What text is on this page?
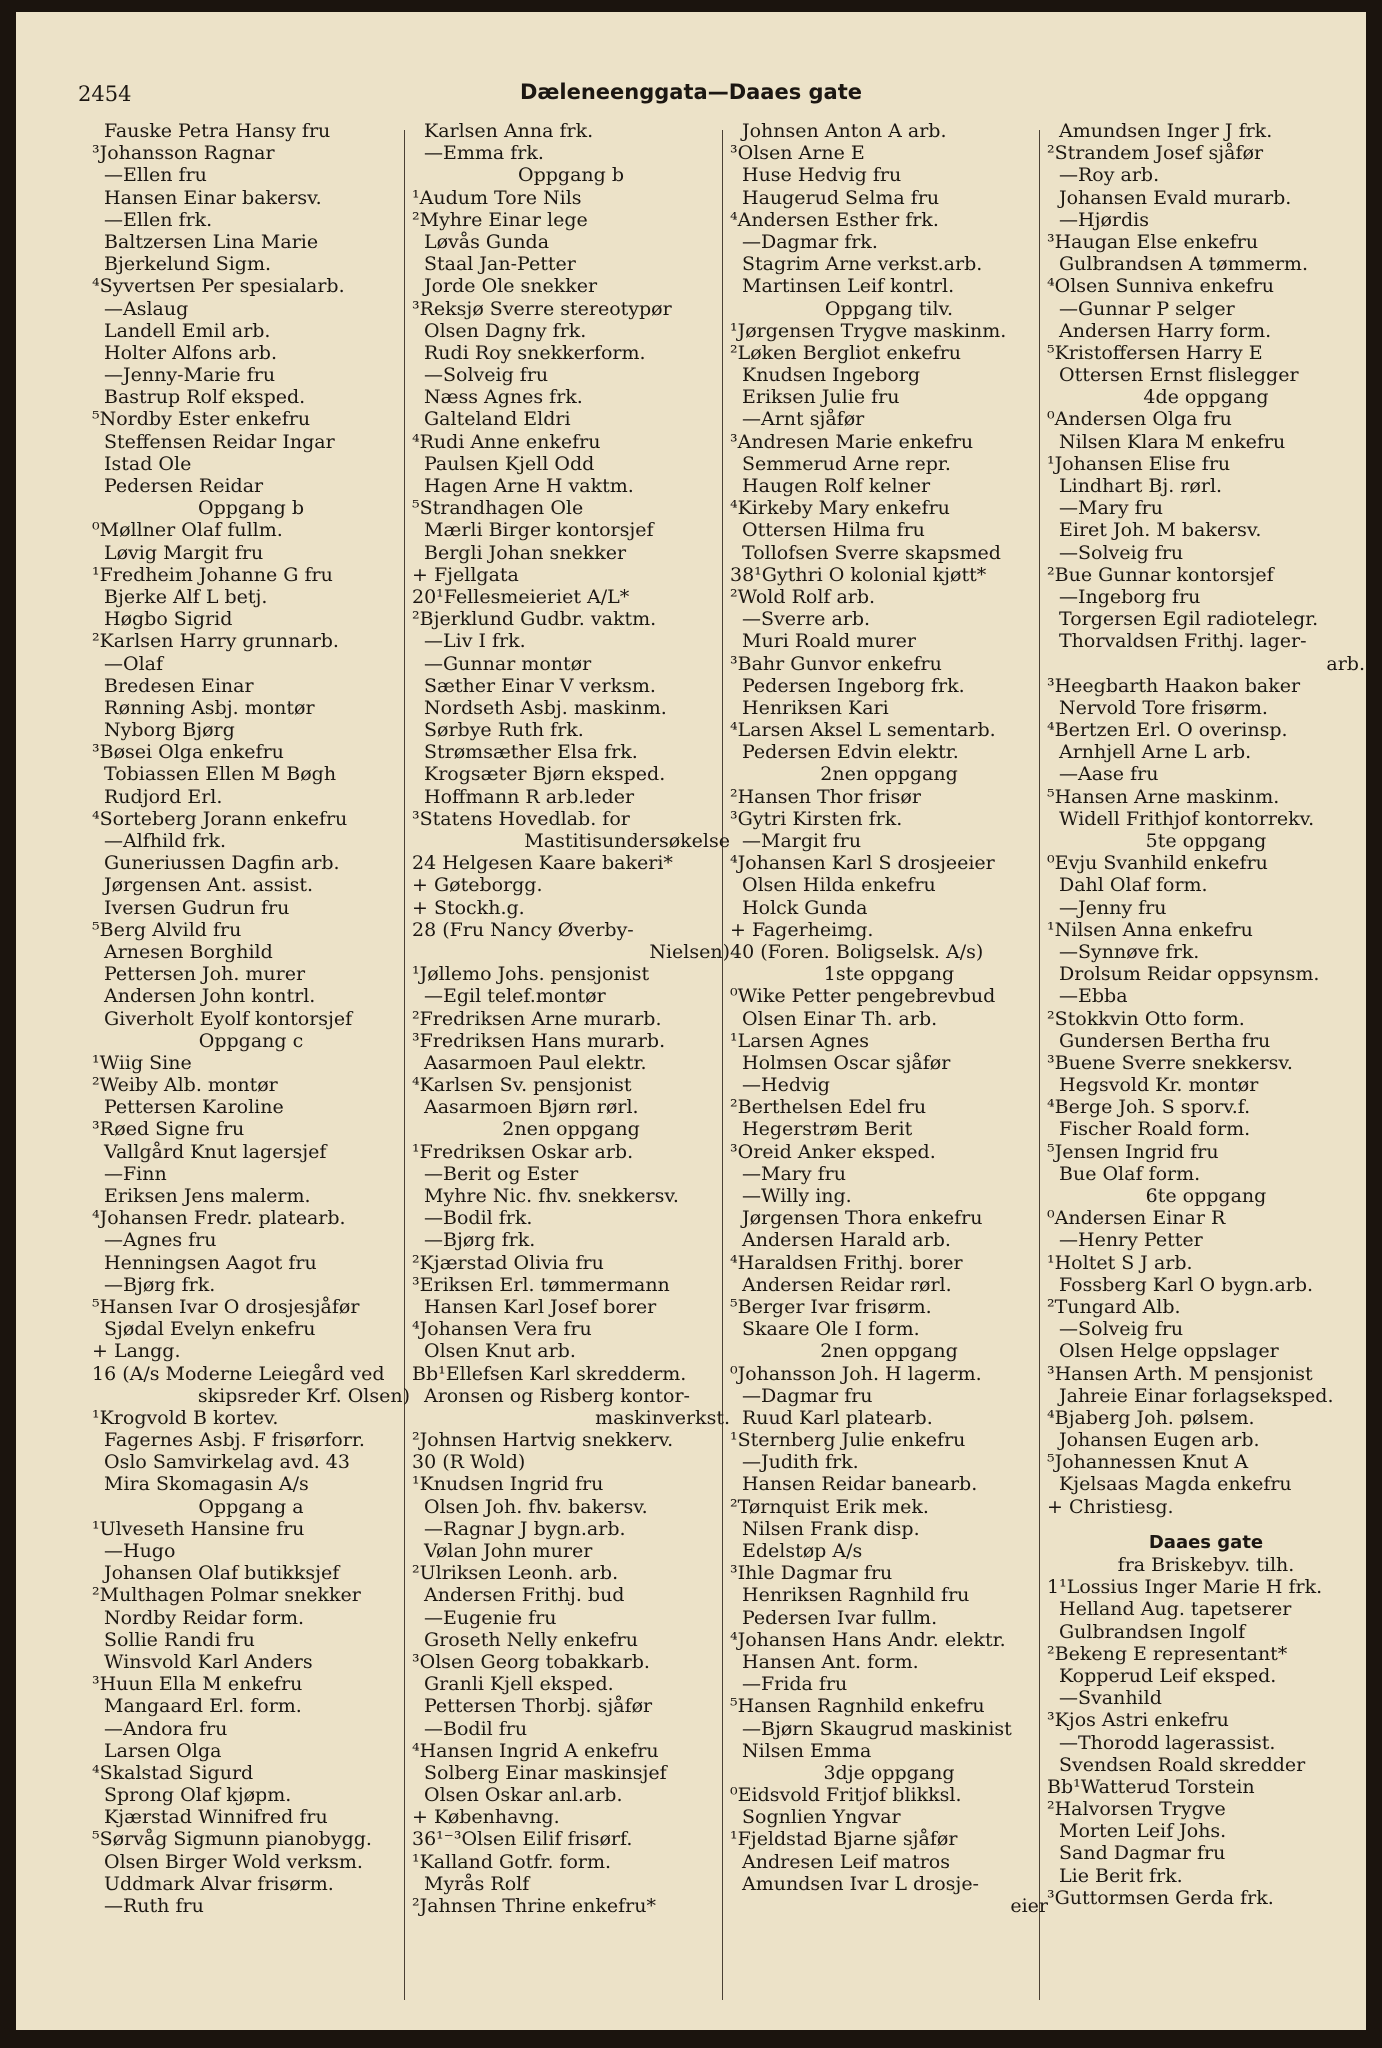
2454	Dæleneenggata—Daaes gate
Fauske Petra Hansy fru
³Johansson Ragnar
—Ellen fru
Hansen Einar bakersv.
—Ellen frk.
Baltzersen Lina Marie
Bjerkelund Sigm.
⁴Syvertsen Per spesialarb.
—Aslaug
Landell Emil arb.
Holter Alfons arb.
—Jenny-Marie fru
Bastrup Rolf eksped.
⁵Nordby Ester enkefru
Steffensen Reidar Ingar
Istad Ole
Pedersen Reidar
Oppgang b
⁰Møllner Olaf fullm.
Løvig Margit fru
¹Fredheim Johanne G fru
Bjerke Alf L betj.
Høgbo Sigrid
²Karlsen Harry grunnarb.
—Olaf
Bredesen Einar
Rønning Asbj. montør
Nyborg Bjørg
³Bøsei Olga enkefru
Tobiassen Ellen M Bøgh
Rudjord Erl.
⁴Sorteberg Jorann enkefru
—Alfhild frk.
Guneriussen Dagfin arb.
Jørgensen Ant. assist.
Iversen Gudrun fru
⁵Berg Alvild fru
Arnesen Borghild
Pettersen Joh. murer
Andersen John kontrl.
Giverholt Eyolf kontorsjef
Oppgang c
¹Wiig Sine
²Weiby Alb. montør
Pettersen Karoline
³Røed Signe fru
Vallgård Knut lagersjef
—Finn
Eriksen Jens malerm.
⁴Johansen Fredr. platearb.
—Agnes fru
Henningsen Aagot fru
—Bjørg frk.
⁵Hansen Ivar O drosjesjåfør
Sjødal Evelyn enkefru
+ Langg.
16 (A/s Moderne Leiegård ved
skipsreder Krf. Olsen)
¹Krogvold B kortev.
Fagernes Asbj. F frisørforr.
Oslo Samvirkelag avd. 43
Mira Skomagasin A/s
Oppgang a
¹Ulveseth Hansine fru
—Hugo
Johansen Olaf butikksjef
²Multhagen Polmar snekker
Nordby Reidar form.
Sollie Randi fru
Winsvold Karl Anders
³Huun Ella M enkefru
Mangaard Erl. form.
—Andora fru
Larsen Olga
⁴Skalstad Sigurd
Sprong Olaf kjøpm.
Kjærstad Winnifred fru
⁵Sørvåg Sigmunn pianobygg.
Olsen Birger Wold verksm.
Uddmark Alvar frisørm.
—Ruth fru
Karlsen Anna frk.
—Emma frk.
Oppgang b
¹Audum Tore Nils
²Myhre Einar lege
Løvås Gunda
Staal Jan-Petter
Jorde Ole snekker
³Reksjø Sverre stereotypør
Olsen Dagny frk.
Rudi Roy snekkerform.
—Solveig fru
Næss Agnes frk.
Galteland Eldri
⁴Rudi Anne enkefru
Paulsen Kjell Odd
Hagen Arne H vaktm.
⁵Strandhagen Ole
Mærli Birger kontorsjef
Bergli Johan snekker
+ Fjellgata
20¹Fellesmeieriet A/L*
²Bjerklund Gudbr. vaktm.
—Liv I frk.
—Gunnar montør
Sæther Einar V verksm.
Nordseth Asbj. maskinm.
Sørbye Ruth frk.
Strømsæther Elsa frk.
Krogsæter Bjørn eksped.
Hoffmann R arb.leder
³Statens Hovedlab. for
Mastitisundersøkelse
24 Helgesen Kaare bakeri*
+ Gøteborgg.
+ Stockh.g.
28 (Fru Nancy Øverby-
Nielsen)
¹Jøllemo Johs. pensjonist
—Egil telef.montør
²Fredriksen Arne murarb.
³Fredriksen Hans murarb.
Aasarmoen Paul elektr.
⁴Karlsen Sv. pensjonist
Aasarmoen Bjørn rørl.
2nen oppgang
¹Fredriksen Oskar arb.
—Berit og Ester
Myhre Nic. fhv. snekkersv.
—Bodil frk.
—Bjørg frk.
²Kjærstad Olivia fru
³Eriksen Erl. tømmermann
Hansen Karl Josef borer
⁴Johansen Vera fru
Olsen Knut arb.
Bb¹Ellefsen Karl skredderm.
Aronsen og Risberg kontor-
maskinverkst.
²Johnsen Hartvig snekkerv.
30 (R Wold)
¹Knudsen Ingrid fru
Olsen Joh. fhv. bakersv.
—Ragnar J bygn.arb.
Vølan John murer
²Ulriksen Leonh. arb.
Andersen Frithj. bud
—Eugenie fru
Groseth Nelly enkefru
³Olsen Georg tobakkarb.
Granli Kjell eksped.
Pettersen Thorbj. sjåfør
—Bodil fru
⁴Hansen Ingrid A enkefru
Solberg Einar maskinsjef
Olsen Oskar anl.arb.
+ Københavng.
36¹⁻³Olsen Eilif frisørf.
¹Kalland Gotfr. form.
Myrås Rolf
²Jahnsen Thrine enkefru*
Johnsen Anton A arb.
³Olsen Arne E
Huse Hedvig fru
Haugerud Selma fru
⁴Andersen Esther frk.
—Dagmar frk.
Stagrim Arne verkst.arb.
Martinsen Leif kontrl.
Oppgang tilv.
¹Jørgensen Trygve maskinm.
²Løken Bergliot enkefru
Knudsen Ingeborg
Eriksen Julie fru
—Arnt sjåfør
³Andresen Marie enkefru
Semmerud Arne repr.
Haugen Rolf kelner
⁴Kirkeby Mary enkefru
Ottersen Hilma fru
Tollofsen Sverre skapsmed
38¹Gythri O kolonial kjøtt*
²Wold Rolf arb.
—Sverre arb.
Muri Roald murer
³Bahr Gunvor enkefru
Pedersen Ingeborg frk.
Henriksen Kari
⁴Larsen Aksel L sementarb.
Pedersen Edvin elektr.
2nen oppgang
²Hansen Thor frisør
³Gytri Kirsten frk.
—Margit fru
⁴Johansen Karl S drosjeeier
Olsen Hilda enkefru
Holck Gunda
+ Fagerheimg.
40 (Foren. Boligselsk. A/s)
1ste oppgang
⁰Wike Petter pengebrevbud
Olsen Einar Th. arb.
¹Larsen Agnes
Holmsen Oscar sjåfør
—Hedvig
²Berthelsen Edel fru
Hegerstrøm Berit
³Oreid Anker eksped.
—Mary fru
—Willy ing.
Jørgensen Thora enkefru
Andersen Harald arb.
⁴Haraldsen Frithj. borer
Andersen Reidar rørl.
⁵Berger Ivar frisørm.
Skaare Ole I form.
2nen oppgang
⁰Johansson Joh. H lagerm.
—Dagmar fru
Ruud Karl platearb.
¹Sternberg Julie enkefru
—Judith frk.
Hansen Reidar banearb.
²Tørnquist Erik mek.
Nilsen Frank disp.
Edelstøp A/s
³Ihle Dagmar fru
Henriksen Ragnhild fru
Pedersen Ivar fullm.
⁴Johansen Hans Andr. elektr.
Hansen Ant. form.
—Frida fru
⁵Hansen Ragnhild enkefru
—Bjørn Skaugrud maskinist
Nilsen Emma
3dje oppgang
⁰Eidsvold Fritjof blikksl.
Sognlien Yngvar
¹Fjeldstad Bjarne sjåfør
Andresen Leif matros
Amundsen Ivar L drosje-
eier
Amundsen Inger J frk.
²Strandem Josef sjåfør
—Roy arb.
Johansen Evald murarb.
—Hjørdis
³Haugan Else enkefru
Gulbrandsen A tømmerm.
⁴Olsen Sunniva enkefru
—Gunnar P selger
Andersen Harry form.
⁵Kristoffersen Harry E
Ottersen Ernst flislegger
4de oppgang
⁰Andersen Olga fru
Nilsen Klara M enkefru
¹Johansen Elise fru
Lindhart Bj. rørl.
—Mary fru
Eiret Joh. M bakersv.
—Solveig fru
²Bue Gunnar kontorsjef
—Ingeborg fru
Torgersen Egil radiotelegr.
Thorvaldsen Frithj. lager-
arb.
³Heegbarth Haakon baker
Nervold Tore frisørm.
⁴Bertzen Erl. O overinsp.
Arnhjell Arne L arb.
—Aase fru
⁵Hansen Arne maskinm.
Widell Frithjof kontorrekv.
5te oppgang
⁰Evju Svanhild enkefru
Dahl Olaf form.
—Jenny fru
¹Nilsen Anna enkefru
—Synnøve frk.
Drolsum Reidar oppsynsm.
—Ebba
²Stokkvin Otto form.
Gundersen Bertha fru
³Buene Sverre snekkersv.
Hegsvold Kr. montør
⁴Berge Joh. S sporv.f.
Fischer Roald form.
⁵Jensen Ingrid fru
Bue Olaf form.
6te oppgang
⁰Andersen Einar R
—Henry Petter
¹Holtet S J arb.
Fossberg Karl O bygn.arb.
²Tungard Alb.
—Solveig fru
Olsen Helge oppslager
³Hansen Arth. M pensjonist
Jahreie Einar forlagseksped.
⁴Bjaberg Joh. pølsem.
Johansen Eugen arb.
⁵Johannessen Knut A
Kjelsaas Magda enkefru
+ Christiesg.
Daaes gate
fra Briskebyv. tilh.
1¹Lossius Inger Marie H frk.
Helland Aug. tapetserer
Gulbrandsen Ingolf
²Bekeng E representant*
Kopperud Leif eksped.
—Svanhild
³Kjos Astri enkefru
—Thorodd lagerassist.
Svendsen Roald skredder
Bb¹Watterud Torstein
²Halvorsen Trygve
Morten Leif Johs.
Sand Dagmar fru
Lie Berit frk.
³Guttormsen Gerda frk.
